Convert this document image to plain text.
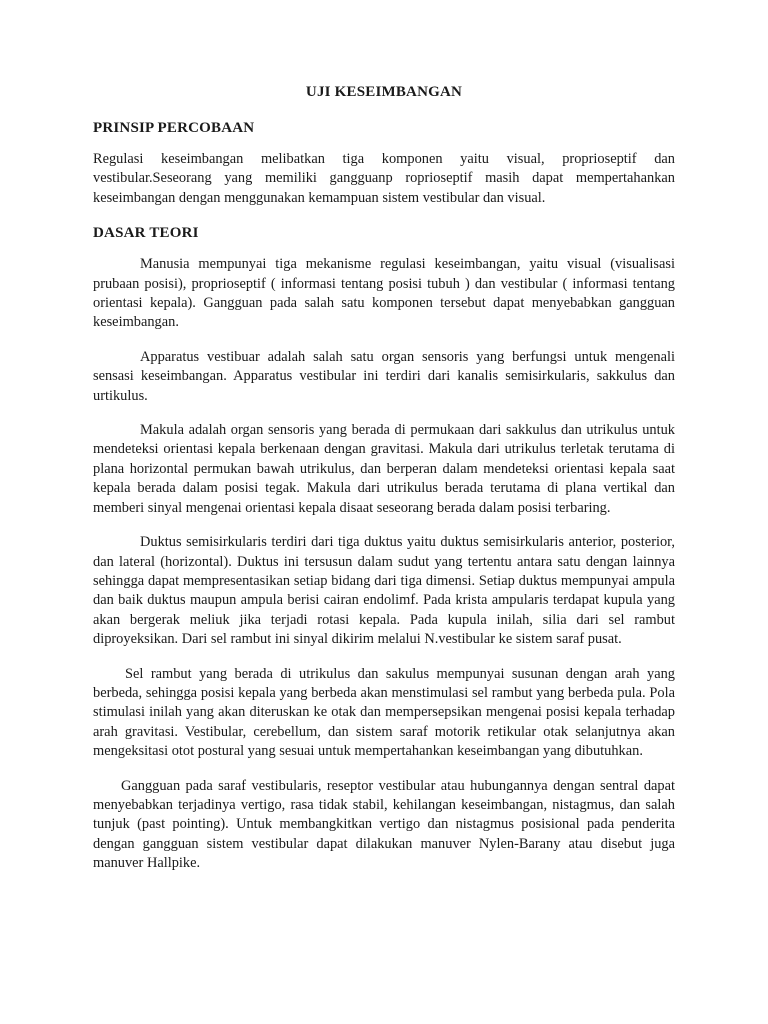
UJI KESEIMBANGAN
PRINSIP PERCOBAAN

Regulasi keseimbangan melibatkan tiga komponen yaitu visual, proprioseptif dan vestibular.Seseorang yang memiliki gangguanp roprioseptif masih dapat mempertahankan keseimbangan dengan menggunakan kemampuan sistem vestibular dan visual.

DASAR TEORI

Manusia mempunyai tiga mekanisme regulasi keseimbangan, yaitu visual (visualisasi prubaan posisi), proprioseptif ( informasi tentang posisi tubuh ) dan vestibular ( informasi tentang orientasi kepala). Gangguan pada salah satu komponen tersebut dapat menyebabkan gangguan keseimbangan.

Apparatus vestibuar adalah salah satu organ sensoris yang berfungsi untuk mengenali sensasi keseimbangan. Apparatus vestibular ini terdiri dari kanalis semisirkularis, sakkulus dan urtikulus.

Makula adalah organ sensoris yang berada di permukaan dari sakkulus dan utrikulus untuk mendeteksi orientasi kepala berkenaan dengan gravitasi. Makula dari utrikulus terletak terutama di plana horizontal permukan bawah utrikulus, dan berperan dalam mendeteksi orientasi kepala saat kepala berada dalam posisi tegak. Makula dari utrikulus berada terutama di plana vertikal dan memberi sinyal mengenai orientasi kepala disaat seseorang berada dalam posisi terbaring.

Duktus semisirkularis terdiri dari tiga duktus yaitu duktus semisirkularis anterior, posterior, dan lateral (horizontal). Duktus ini tersusun dalam sudut yang tertentu antara satu dengan lainnya sehingga dapat mempresentasikan setiap bidang dari tiga dimensi. Setiap duktus mempunyai ampula dan baik duktus maupun ampula berisi cairan endolimf. Pada krista ampularis terdapat kupula yang akan bergerak meliuk jika terjadi rotasi kepala. Pada kupula inilah, silia dari sel rambut diproyeksikan. Dari sel rambut ini sinyal dikirim melalui N.vestibular ke sistem saraf pusat.

Sel rambut yang berada di utrikulus dan sakulus mempunyai susunan dengan arah yang berbeda, sehingga posisi kepala yang berbeda akan menstimulasi sel rambut yang berbeda pula. Pola stimulasi inilah yang akan diteruskan ke otak dan mempersepsikan mengenai posisi kepala terhadap arah gravitasi. Vestibular, cerebellum, dan sistem saraf motorik retikular otak selanjutnya akan mengeksitasi otot postural yang sesuai untuk mempertahankan keseimbangan yang dibutuhkan.

Gangguan pada saraf vestibularis, reseptor vestibular atau hubungannya dengan sentral dapat menyebabkan terjadinya vertigo, rasa tidak stabil, kehilangan keseimbangan, nistagmus, dan salah tunjuk (past pointing). Untuk membangkitkan vertigo dan nistagmus posisional pada penderita dengan gangguan sistem vestibular dapat dilakukan manuver Nylen-Barany atau disebut juga manuver Hallpike.
